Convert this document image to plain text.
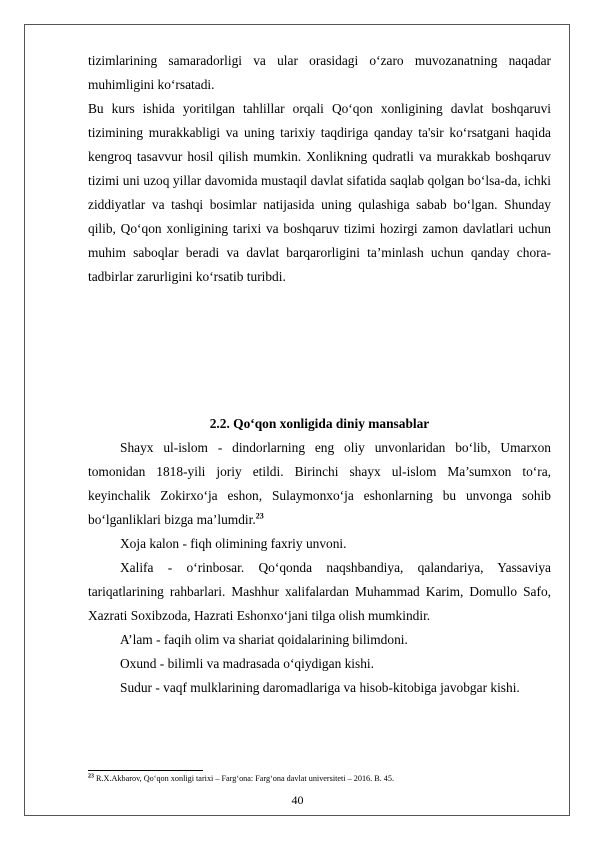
tizimlarining samaradorligi va ular orasidagi o‘zaro muvozanatning naqadar muhimligini ko‘rsatadi.

Bu kurs ishida yoritilgan tahlillar orqali Qo‘qon xonligining davlat boshqaruvi tizimining murakkabligi va uning tarixiy taqdiriga qanday ta'sir ko‘rsatgani haqida kengroq tasavvur hosil qilish mumkin. Xonlikning qudratli va murakkab boshqaruv tizimi uni uzoq yillar davomida mustaqil davlat sifatida saqlab qolgan bo‘lsa-da, ichki ziddiyatlar va tashqi bosimlar natijasida uning qulashiga sabab bo‘lgan. Shunday qilib, Qo‘qon xonligining tarixi va boshqaruv tizimi hozirgi zamon davlatlari uchun muhim saboqlar beradi va davlat barqarorligini ta’minlash uchun qanday chora-tadbirlar zarurligini ko‘rsatib turibdi.

2.2. Qo‘qon xonligida diniy mansablar

Shayx ul-islom - dindorlarning eng oliy unvonlaridan bo‘lib, Umarxon tomonidan 1818-yili joriy etildi. Birinchi shayx ul-islom Ma’sumxon to‘ra, keyinchalik Zokirxo‘ja eshon, Sulaymonxo‘ja eshonlarning bu unvonga sohib bo‘lganliklari bizga ma’lumdir.$^{23}$

Xoja kalon - fiqh olimining faxriy unvoni.

Xalifa - o‘rinbosar. Qo‘qonda naqshbandiya, qalandariya, Yassaviya tariqatlarining rahbarlari. Mashhur xalifalardan Muhammad Karim, Domullo Safo, Xazrati Soxibzoda, Hazrati Eshonxo‘jani tilga olish mumkindir.

A’lam - faqih olim va shariat qoidalarining bilimdoni.

Oxund - bilimli va madrasada o‘qiydigan kishi.

Sudur - vaqf mulklarining daromadlariga va hisob-kitobiga javobgar kishi.

$^{23}$ R.X.Akbarov, Qo‘qon xonligi tarixi – Farg‘ona: Farg‘ona davlat universiteti – 2016. B. 45.
40
